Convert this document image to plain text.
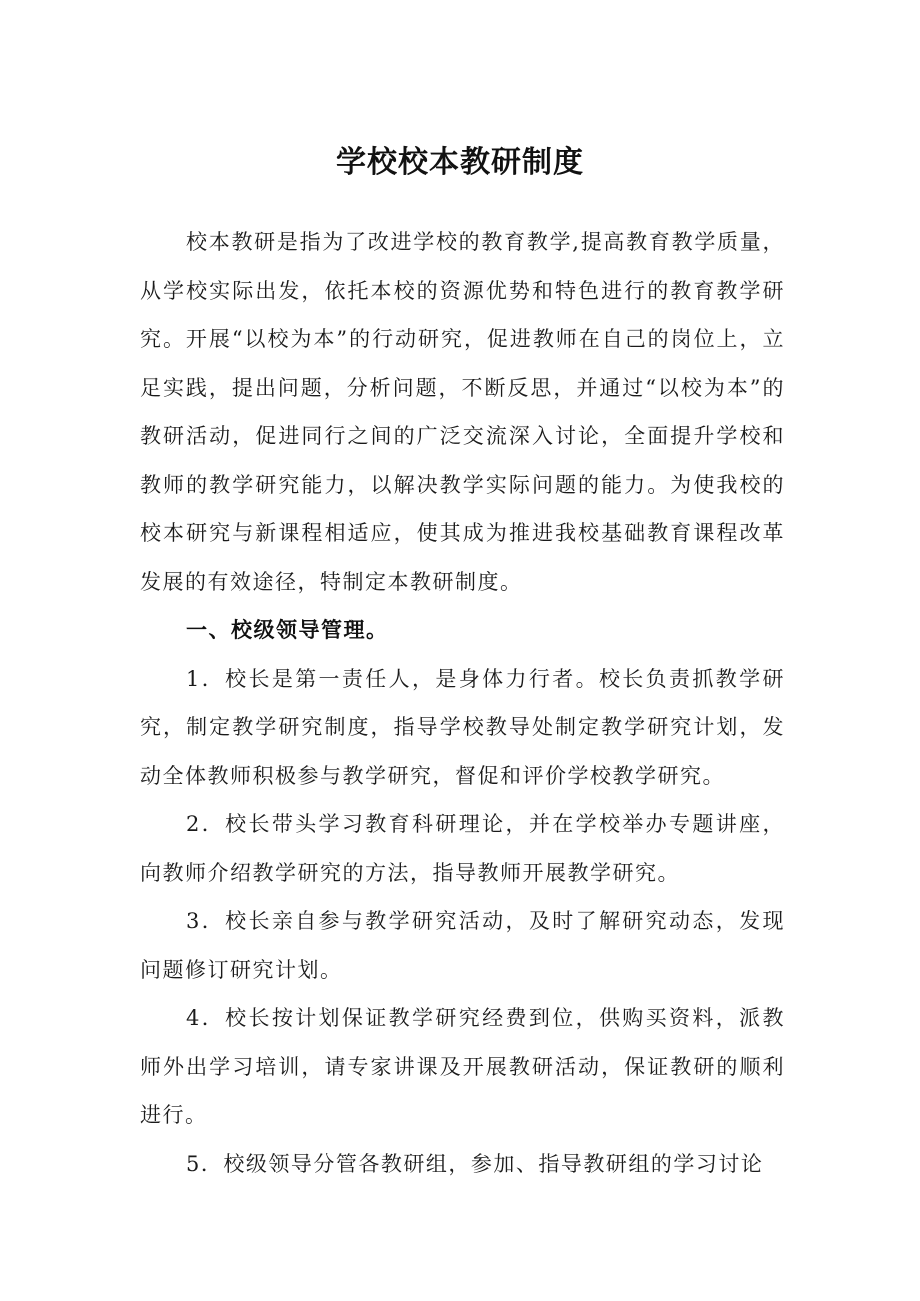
学校校本教研制度

校本教研是指为了改进学校的教育教学,提高教育教学质量，从学校实际出发，依托本校的资源优势和特色进行的教育教学研究。开展“以校为本”的行动研究，促进教师在自己的岗位上，立足实践，提出问题，分析问题，不断反思，并通过“以校为本”的教研活动，促进同行之间的广泛交流深入讨论，全面提升学校和教师的教学研究能力，以解决教学实际问题的能力。为使我校的校本研究与新课程相适应，使其成为推进我校基础教育课程改革发展的有效途径，特制定本教研制度。

一、校级领导管理。

1．校长是第一责任人，是身体力行者。校长负责抓教学研究，制定教学研究制度，指导学校教导处制定教学研究计划，发动全体教师积极参与教学研究，督促和评价学校教学研究。

2．校长带头学习教育科研理论，并在学校举办专题讲座，向教师介绍教学研究的方法，指导教师开展教学研究。

3．校长亲自参与教学研究活动，及时了解研究动态，发现问题修订研究计划。

4．校长按计划保证教学研究经费到位，供购买资料，派教师外出学习培训，请专家讲课及开展教研活动，保证教研的顺利进行。

5．校级领导分管各教研组，参加、指导教研组的学习讨论
